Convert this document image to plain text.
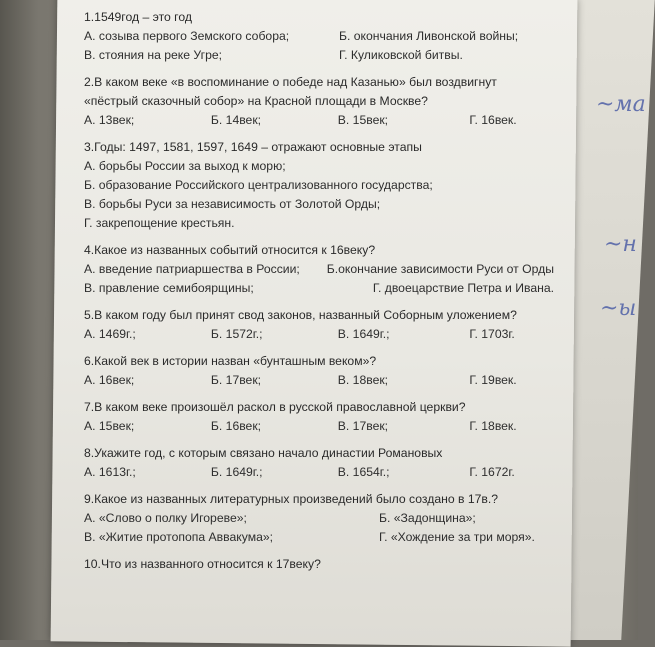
~ма
~н
~ы
1.1549год – это год
А. созыва первого Земского собора;	Б. окончания Ливонской войны;
В. стояния на реке Угре;	Г. Куликовской битвы.
2.В каком веке «в воспоминание о победе над Казанью» был воздвигнут «пёстрый сказочный собор» на Красной площади в Москве?
А. 13век;	Б. 14век;	В. 15век;	Г. 16век.
3.Годы: 1497, 1581, 1597, 1649 – отражают основные этапы
А. борьбы России за выход к морю;
Б. образование Российского централизованного государства;
В. борьбы Руси за независимость от Золотой Орды;
Г. закрепощение крестьян.
4.Какое из названных событий относится к 16веку?
А. введение патриаршества в России; Б.окончание зависимости Руси от Орды
В. правление семибоярщины;	Г. двоецарствие Петра и Ивана.
5.В каком году был принят свод законов, названный Соборным уложением?
А. 1469г.;	Б. 1572г.;	В. 1649г.;	Г. 1703г.
6.Какой век в истории назван «бунташным веком»?
А. 16век;	Б. 17век;	В. 18век;	Г. 19век.
7.В каком веке произошёл раскол в русской православной церкви?
А. 15век;	Б. 16век;	В. 17век;	Г. 18век.
8.Укажите год, с которым связано начало династии Романовых
А. 1613г.;	Б. 1649г.;	В. 1654г.;	Г. 1672г.
9.Какое из названных литературных произведений было создано в 17в.?
А. «Слово о полку Игореве»;	Б. «Задонщина»;
В. «Житие протопопа Аввакума»;	Г. «Хождение за три моря».
10.Что из названного относится к 17веку?
